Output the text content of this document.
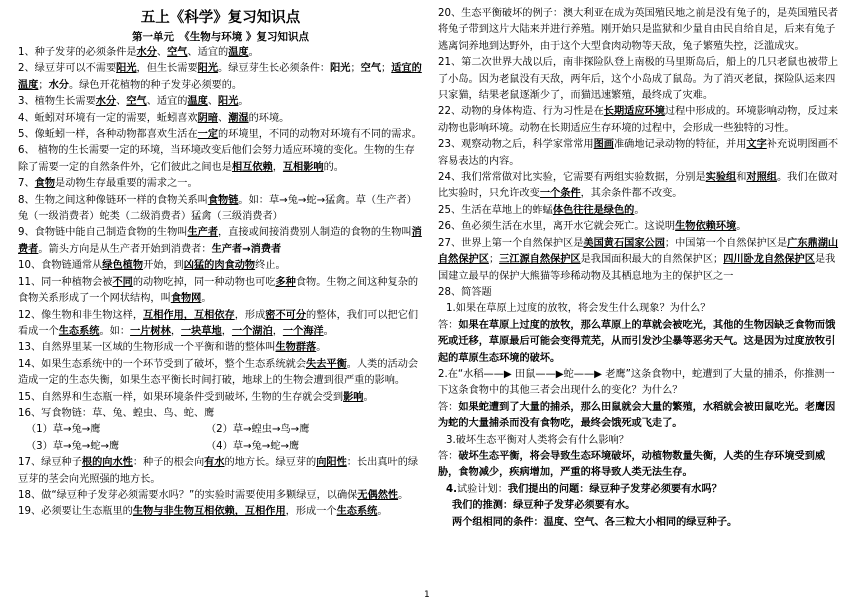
五上《科学》复习知识点
第一单元　《生物与环境 》复习知识点
1、种子发芽的必须条件是水分、空气、适宜的温度。
2、绿豆芽可以不需要阳光，但生长需要阳光。绿豆芽生长必须条件：阳光；空气；适宜的温度；水分。绿色开花植物的种子发芽必须要的。
3、植物生长需要水分、空气、适宜的温度、阳光。
4、蚯蚓对环境有一定的需要，蚯蚓喜欢阴暗、潮湿的环境。
5、像蚯蚓一样，各种动物都喜欢生活在一定的环境里，不同的动物对环境有不同的需求。
6、 植物的生长需要一定的环境，当环境改变后他们会努力适应环境的变化。生物的生存除了需要一定的自然条件外，它们彼此之间也是相互依赖，互相影响的。
7、食物是动物生存最重要的需求之一。
8、生物之间这种像链环一样的食物关系叫食物链。如：草→兔→蛇→猛禽。草（生产者）兔（一级消费者）蛇类（二级消费者）猛禽（三级消费者）
9、食物链中能自己制造食物的生物叫生产者，直接或间接消费别人制造的食物的生物叫消费者。箭头方向是从生产者开始到消费者：生产者→消费者
10、食物链通常从绿色植物开始，到凶猛的肉食动物终止。
11、同一种植物会被不同的动物吃掉，同一种动物也可吃多种食物。生物之间这种复杂的食物关系形成了一个网状结构，叫食物网。
12、像生物和非生物这样，互相作用，互相依存，形成密不可分的整体，我们可以把它们看成一个生态系统。如：一片树林，一块草地，一个湖泊，一个海洋。
13、自然界里某一区域的生物形成一个平衡和谐的整体叫生物群落。
14、如果生态系统中的一个环节受到了破坏，整个生态系统就会失去平衡。人类的活动会造成一定的生态失衡，如果生态平衡长时间打破，地球上的生物会遭到很严重的影响。
15、自然界和生态瓶一样，如果环境条件受到破坏, 生物的生存就会受到影响。
16、写食物链：草、兔、蝗虫、鸟、蛇、鹰
（1）草→兔→鹰	（2）草→蝗虫→鸟→鹰
（3）草→兔→蛇→鹰	（4）草→兔→蛇→鹰
17、绿豆种子根的向水性：种子的根会向有水的地方长。绿豆芽的向阳性：长出真叶的绿豆芽的茎会向光照强的地方长。
18、做“绿豆种子发芽必须需要水吗？”的实验时需要使用多颗绿豆，以确保无偶然性。
19、必须要让生态瓶里的生物与非生物互相依赖，互相作用，形成一个生态系统。
20、生态平衡破坏的例子：澳大利亚在成为英国殖民地之前是没有兔子的，是英国殖民者将兔子带到这片大陆来并进行养殖。刚开始只是监狱和少量自由民自给自足，后来有兔子逃离饲养地到达野外，由于这个大型食肉动物等天敌，兔子繁殖失控，泛滥成灾。
21、第二次世界大战以后，南非探险队登上南极的马里斯岛后，船上的几只老鼠也被带上了小岛。因为老鼠没有天敌，两年后，这个小岛成了鼠岛。为了消灭老鼠，探险队运来四只家猫，结果老鼠逐渐少了，而猫迅速繁殖，最终成了灾难。
22、动物的身体构造、行为习性是在长期适应环境过程中形成的。环境影响动物，反过来动物也影响环境。动物在长期适应生存环境的过程中，会形成一些独特的习性。
23、观察动物之后，科学家常常用图画准确地记录动物的特征，并用文字补充说明图画不容易表达的内容。
24、我们常常做对比实验，它需要有两组实验数据，分别是实验组和对照组。我们在做对比实验时，只允许改变一个条件，其余条件都不改变。
25、生活在草地上的蚱蜢体色往往是绿色的。
26、鱼必须生活在水里，离开水它就会死亡。这说明生物依赖环境。
27、世界上第一个自然保护区是美国黄石国家公园；中国第一个自然保护区是广东鼎湖山自然保护区；三江源自然保护区是我国面积最大的自然保护区；四川卧龙自然保护区是我国建立最早的保护大熊猫等珍稀动物及其栖息地为主的保护区之一
28、简答题
1.如果在草原上过度的放牧，将会发生什么现象？为什么？
答：如果在草原上过度的放牧，那么草原上的草就会被吃光，其他的生物因缺乏食物而饿死或迁移，草原最后可能会变得荒芜，从而引发沙尘暴等恶劣天气。这是因为过度放牧引起的草原生态环境的破坏。
2.在“水稻——▶ 田鼠——▶蛇——▶ 老鹰”这条食物中，蛇遭到了大量的捕杀，你推测一下这条食物中的其他三者会出现什么的变化？为什么？
答：如果蛇遭到了大量的捕杀，那么田鼠就会大量的繁殖，水稻就会被田鼠吃光。老鹰因为蛇的大量捕杀而没有食物吃，最终会饿死或飞走了。
3.破坏生态平衡对人类将会有什么影响？
答：破坏生态平衡，将会导致生态环境破坏，动植物数量失衡，人类的生存环境受到威胁，食物减少，疾病增加，严重的将导致人类无法生存。
4.试验计划：我们提出的问题：绿豆种子发芽必须要有水吗？
我们的推测：绿豆种子发芽必须要有水。
两个组相同的条件：温度、空气、各三粒大小相同的绿豆种子。
1
